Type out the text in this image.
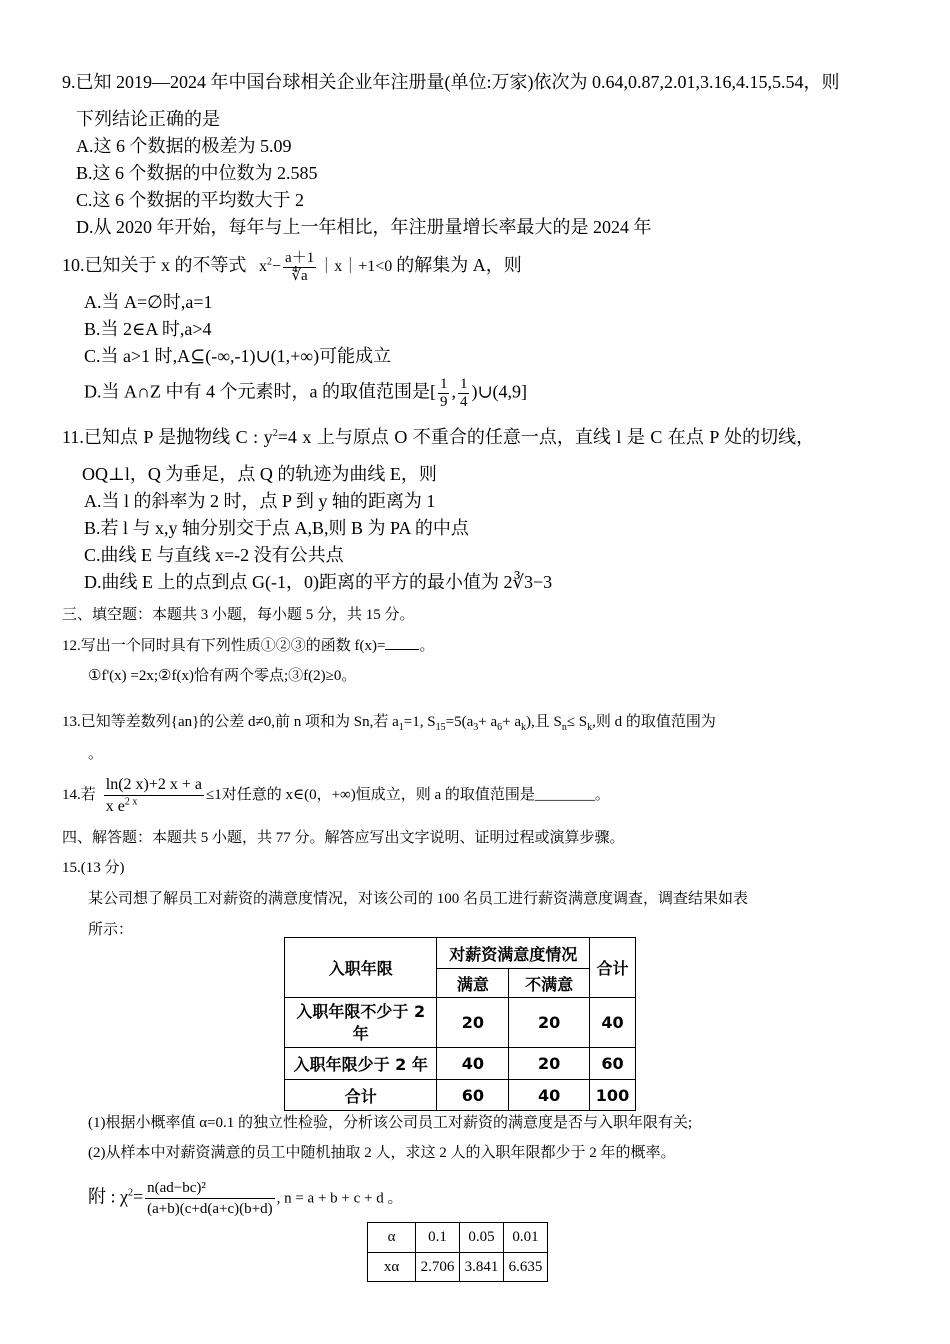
9.已知 2019—2024 年中国台球相关企业年注册量(单位:万家)依次为 0.64,0.87,2.01,3.16,4.15,5.54，则
下列结论正确的是
A.这 6 个数据的极差为 5.09
B.这 6 个数据的中位数为 2.585
C.这 6 个数据的平均数大于 2
D.从 2020 年开始，每年与上一年相比，年注册量增长率最大的是 2024 年
10.已知关于 x 的不等式 $x^2- \frac{a+1}{∜a}$ ｜x｜+1<0 的解集为 A，则
A.当 A=∅时,a=1
B.当 2∈A 时,a>4
C.当 a>1 时,A⊆(-∞,-1)∪(1,+∞)可能成立
D.当 A∩Z 中有 4 个元素时，a 的取值范围是[ $\frac{1}{9}$ , $\frac{1}{4}$ )∪(4,9]
11.已知点 P 是抛物线 C : $y^2=4$ x 上与原点 O 不重合的任意一点，直线 l 是 C 在点 P 处的切线，
OQ⊥l，Q 为垂足，点 Q 的轨迹为曲线 E，则
A.当 l 的斜率为 2 时，点 P 到 y 轴的距离为 1
B.若 l 与 x,y 轴分别交于点 A,B,则 B 为 PA 的中点
C.曲线 E 与直线 x=-2 没有公共点
D.曲线 E 上的点到点 G(-1，0)距离的平方的最小值为 2∛3−3
三、填空题：本题共 3 小题，每小题 5 分，共 15 分。
12.写出一个同时具有下列性质①②③的函数 f(x)= 。
①f'(x) =2x;②f(x)恰有两个零点;③f(2)≥0。
13.已知等差数列{an}的公差 d≠0,前 n 项和为 Sn,若 $a_1=1$, $S_{15}=5(a_3+ a_6+ a_k)$,且 $S_n\le S_k$,则 d 的取值范围为
。
14.若 $\frac{\ln(2 x)+2 x + a}{x e^{2 x}} \le 1$对任意的 x∈(0，+∞)恒成立，则 a 的取值范围是________。
四、解答题：本题共 5 小题，共 77 分。解答应写出文字说明、证明过程或演算步骤。
15.(13 分)
某公司想了解员工对薪资的满意度情况，对该公司的 100 名员工进行薪资满意度调查，调查结果如表
所示：
入职年限	对薪资满意度情况		合计
	满意	不满意	
入职年限不少于 2 年	20	20	40
入职年限少于 2 年	40	20	60
合计	60	40	100
(1)根据小概率值 α=0.1 的独立性检验，分析该公司员工对薪资的满意度是否与入职年限有关;
(2)从样本中对薪资满意的员工中随机抽取 2 人，求这 2 人的入职年限都少于 2 年的概率。
附 : $\chi^2= \frac{\text{n(ad−bc)²}}{(a+b)(c+d(a+c)(b+d)}$ , n = a + b + c + d 。
α	0.1	0.05	0.01
xα	2.706	3.841	6.635
